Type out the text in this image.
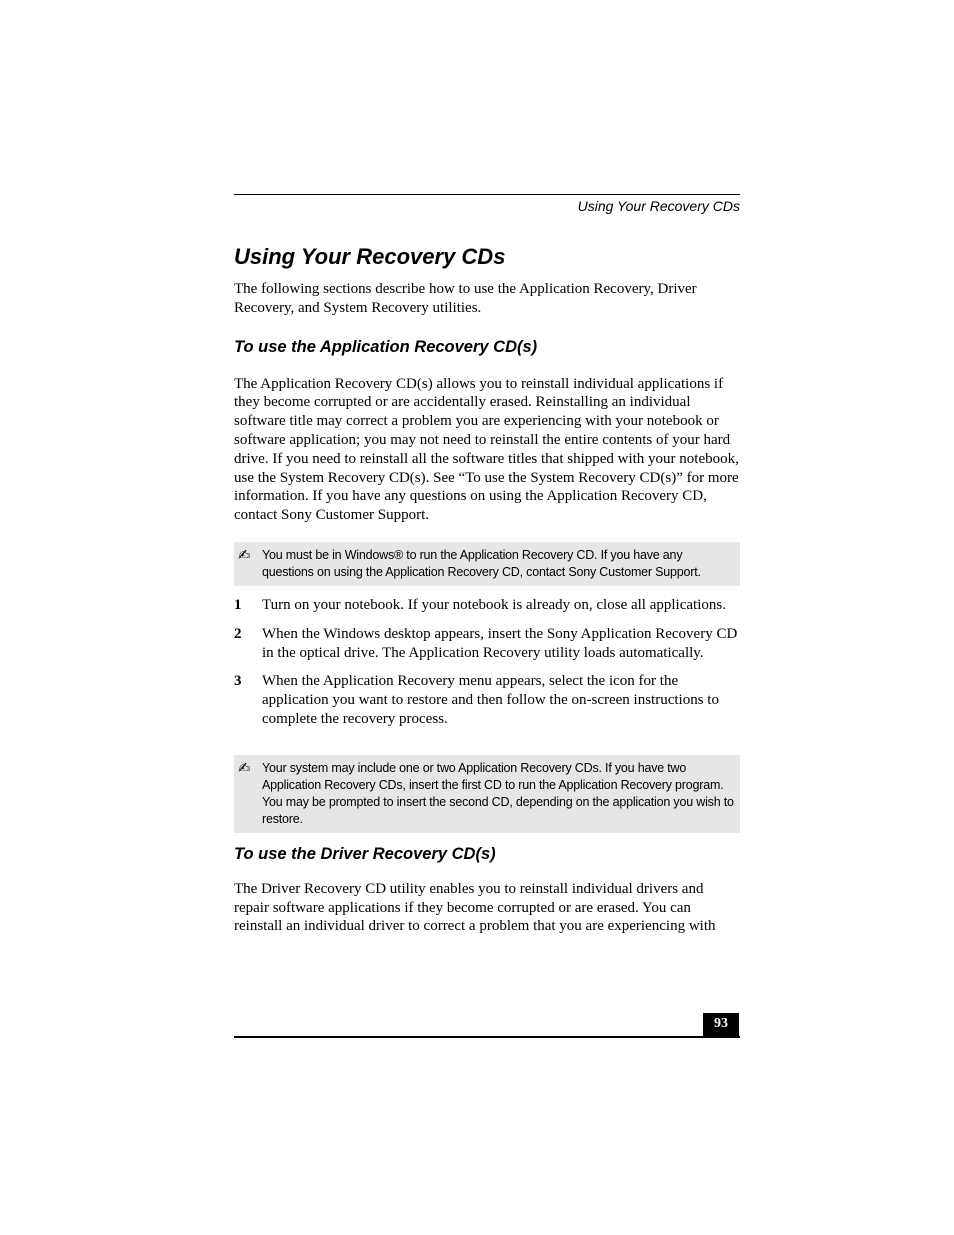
Using Your Recovery CDs
Using Your Recovery CDs

The following sections describe how to use the Application Recovery, Driver Recovery, and System Recovery utilities.

To use the Application Recovery CD(s)

The Application Recovery CD(s) allows you to reinstall individual applications if they become corrupted or are accidentally erased. Reinstalling an individual software title may correct a problem you are experiencing with your notebook or software application; you may not need to reinstall the entire contents of your hard drive. If you need to reinstall all the software titles that shipped with your notebook, use the System Recovery CD(s). See “To use the System Recovery CD(s)” for more information. If you have any questions on using the Application Recovery CD, contact Sony Customer Support.

✍ You must be in Windows® to run the Application Recovery CD. If you have any questions on using the Application Recovery CD, contact Sony Customer Support.
1	Turn on your notebook. If your notebook is already on, close all applications.
2	When the Windows desktop appears, insert the Sony Application Recovery CD in the optical drive. The Application Recovery utility loads automatically.
3	When the Application Recovery menu appears, select the icon for the application you want to restore and then follow the on-screen instructions to complete the recovery process.
✍ Your system may include one or two Application Recovery CDs. If you have two Application Recovery CDs, insert the first CD to run the Application Recovery program. You may be prompted to insert the second CD, depending on the application you wish to restore.
To use the Driver Recovery CD(s)

The Driver Recovery CD utility enables you to reinstall individual drivers and repair software applications if they become corrupted or are erased. You can reinstall an individual driver to correct a problem that you are experiencing with

93
